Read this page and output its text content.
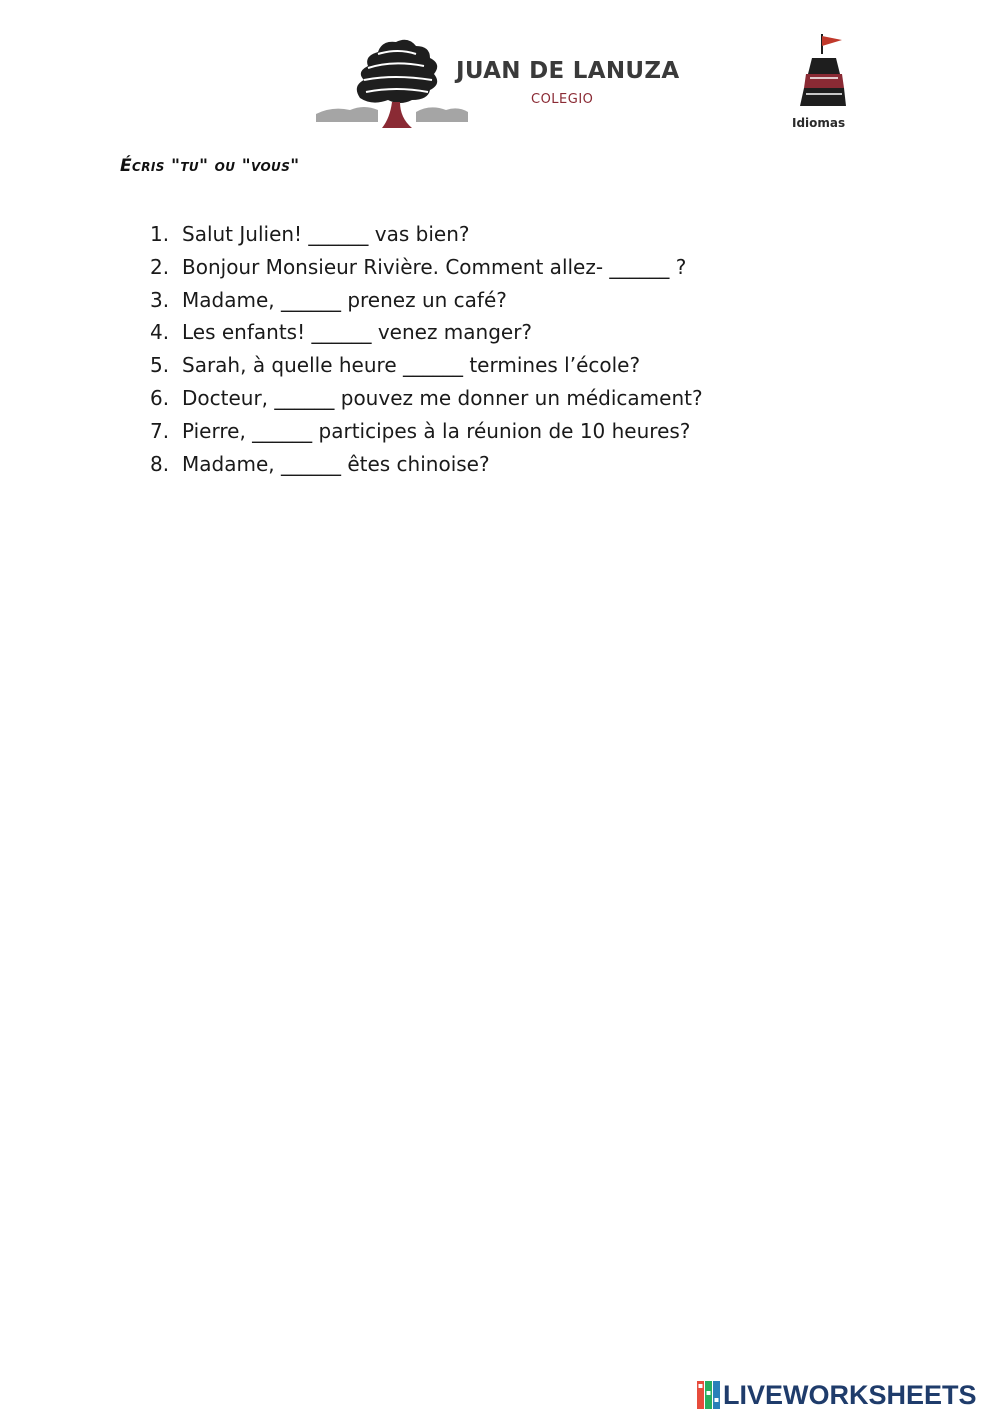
JUAN DE LANUZA
COLEGIO
Idiomas
Écris "tu" ou "vous"
1. Salut Julien! ______ vas bien?
2. Bonjour Monsieur Rivière. Comment allez- ______ ?
3. Madame, ______ prenez un café?
4. Les enfants! ______ venez manger?
5. Sarah, à quelle heure ______ termines l’école?
6. Docteur, ______ pouvez me donner un médicament?
7. Pierre, ______ participes à la réunion de 10 heures?
8. Madame, ______ êtes chinoise?
LIVEWORKSHEETS
